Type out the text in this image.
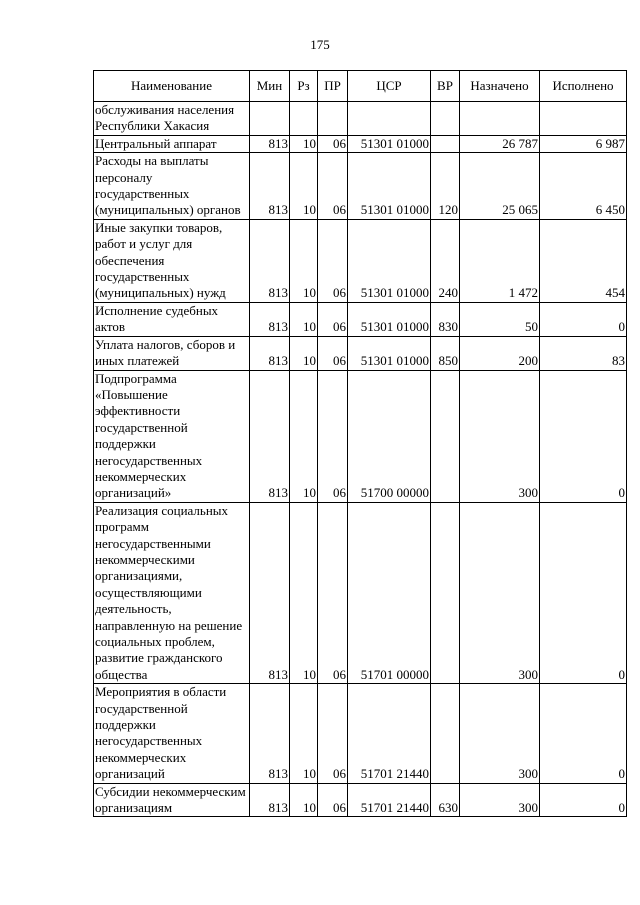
175
Наименование	Мин	Рз	ПР	ЦСР	ВР	Назначено	Исполнено
обслуживания населения Республики Хакасия							
Центральный аппарат	813	10	06	51301 01000		26 787	6 987
Расходы на выплаты персоналу государственных (муниципальных) органов	813	10	06	51301 01000	120	25 065	6 450
Иные закупки товаров, работ и услуг для обеспечения государственных (муниципальных) нужд	813	10	06	51301 01000	240	1 472	454
Исполнение судебных актов	813	10	06	51301 01000	830	50	0
Уплата налогов, сборов и иных платежей	813	10	06	51301 01000	850	200	83
Подпрограмма «Повышение эффективности государственной поддержки негосударственных некоммерческих организаций»	813	10	06	51700 00000		300	0
Реализация социальных программ негосударственными некоммерческими организациями, осуществляющими деятельность, направленную на решение социальных проблем, развитие гражданского общества	813	10	06	51701 00000		300	0
Мероприятия в области государственной поддержки негосударственных некоммерческих организаций	813	10	06	51701 21440		300	0
Субсидии некоммерческим организациям	813	10	06	51701 21440	630	300	0
